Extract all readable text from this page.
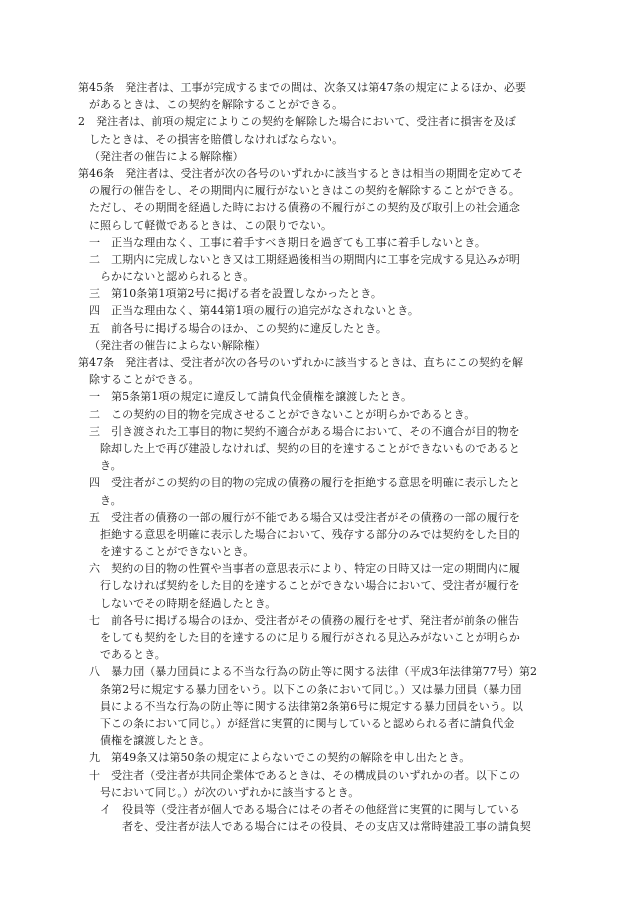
第45条　発注者は、工事が完成するまでの間は、次条又は第47条の規定によるほか、必要
があるときは、この契約を解除することができる。
2　発注者は、前項の規定によりこの契約を解除した場合において、受注者に損害を及ぼ
したときは、その損害を賠償しなければならない。
（発注者の催告による解除権）
第46条　発注者は、受注者が次の各号のいずれかに該当するときは相当の期間を定めてそ
の履行の催告をし、その期間内に履行がないときはこの契約を解除することができる。
ただし、その期間を経過した時における債務の不履行がこの契約及び取引上の社会通念
に照らして軽微であるときは、この限りでない。
一　正当な理由なく、工事に着手すべき期日を過ぎても工事に着手しないとき。
二　工期内に完成しないとき又は工期経過後相当の期間内に工事を完成する見込みが明
らかにないと認められるとき。
三　第10条第1項第2号に掲げる者を設置しなかったとき。
四　正当な理由なく、第44第1項の履行の追完がなされないとき。
五　前各号に掲げる場合のほか、この契約に違反したとき。
（発注者の催告によらない解除権）
第47条　発注者は、受注者が次の各号のいずれかに該当するときは、直ちにこの契約を解
除することができる。
一　第5条第1項の規定に違反して請負代金債権を譲渡したとき。
二　この契約の目的物を完成させることができないことが明らかであるとき。
三　引き渡された工事目的物に契約不適合がある場合において、その不適合が目的物を
除却した上で再び建設しなければ、契約の目的を達することができないものであると
き。
四　受注者がこの契約の目的物の完成の債務の履行を拒絶する意思を明確に表示したと
き。
五　受注者の債務の一部の履行が不能である場合又は受注者がその債務の一部の履行を
拒絶する意思を明確に表示した場合において、残存する部分のみでは契約をした目的
を達することができないとき。
六　契約の目的物の性質や当事者の意思表示により、特定の日時又は一定の期間内に履
行しなければ契約をした目的を達することができない場合において、受注者が履行を
しないでその時期を経過したとき。
七　前各号に掲げる場合のほか、受注者がその債務の履行をせず、発注者が前条の催告
をしても契約をした目的を達するのに足りる履行がされる見込みがないことが明らか
であるとき。
八　暴力団（暴力団員による不当な行為の防止等に関する法律（平成3年法律第77号）第2
条第2号に規定する暴力団をいう。以下この条において同じ。）又は暴力団員（暴力団
員による不当な行為の防止等に関する法律第2条第6号に規定する暴力団員をいう。以
下この条において同じ。）が経営に実質的に関与していると認められる者に請負代金
債権を譲渡したとき。
九　第49条又は第50条の規定によらないでこの契約の解除を申し出たとき。
十　受注者（受注者が共同企業体であるときは、その構成員のいずれかの者。以下この
号において同じ。）が次のいずれかに該当するとき。
イ　役員等（受注者が個人である場合にはその者その他経営に実質的に関与している
者を、受注者が法人である場合にはその役員、その支店又は常時建設工事の請負契
